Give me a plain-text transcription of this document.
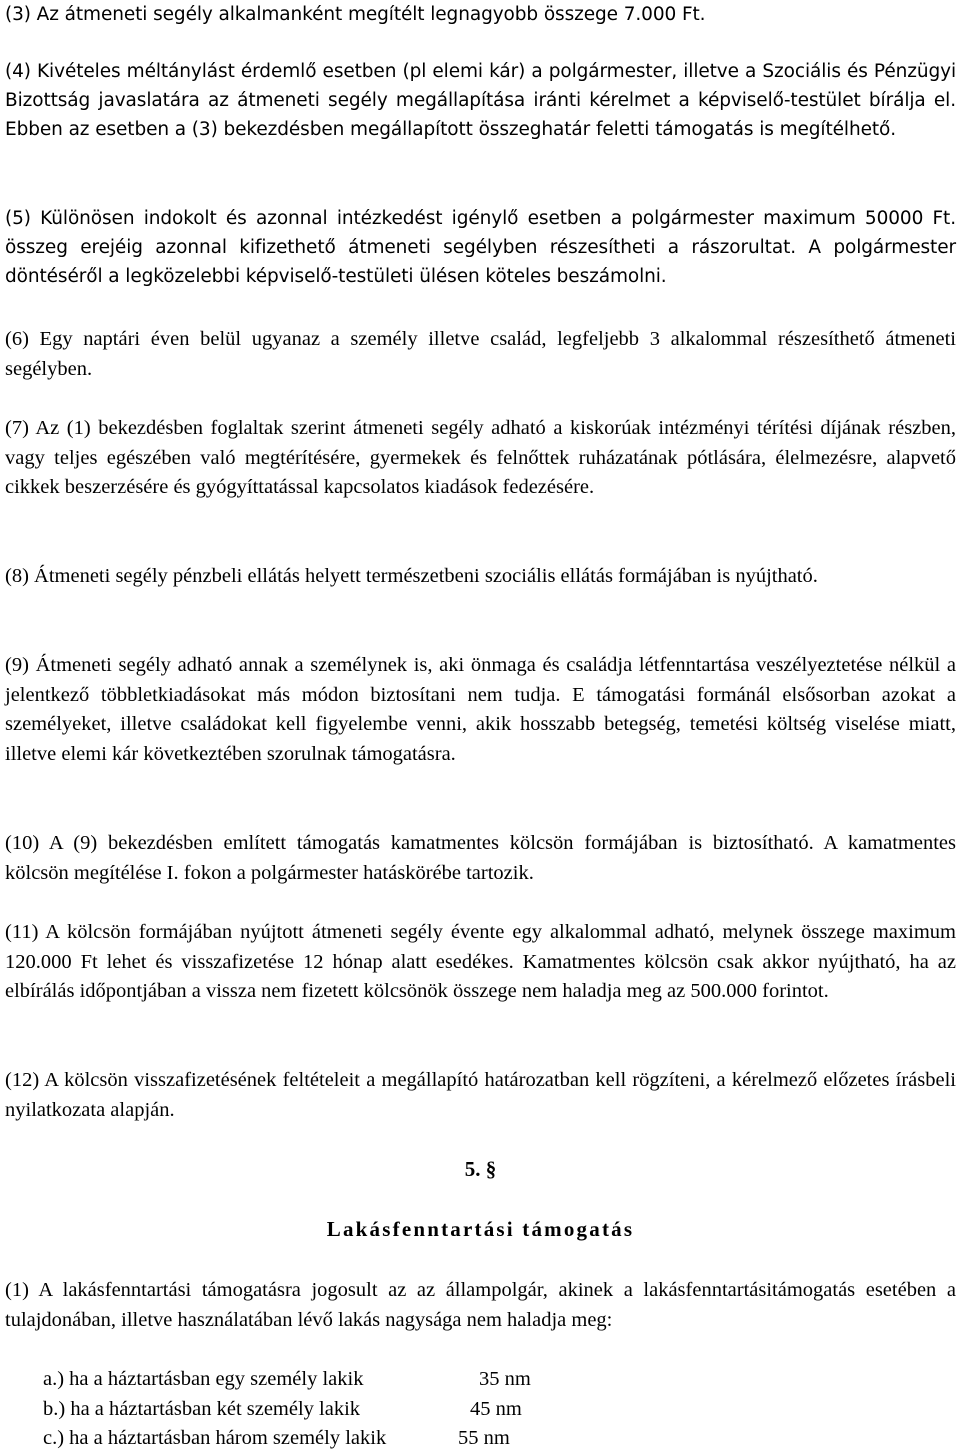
(3) Az átmeneti segély alkalmanként megítélt legnagyobb összege 7.000 Ft.

(4) Kivételes méltánylást érdemlő esetben (pl elemi kár) a polgármester, illetve a Szociális és Pénzügyi Bizottság javaslatára az átmeneti segély megállapítása iránti kérelmet a képviselő-testület bírálja el. Ebben az esetben a (3) bekezdésben megállapított összeghatár feletti támogatás is megítélhető.

(5) Különösen indokolt és azonnal intézkedést igénylő esetben a polgármester maximum 50000 Ft. összeg erejéig azonnal kifizethető átmeneti segélyben részesítheti a rászorultat. A polgármester döntéséről a legközelebbi képviselő-testületi ülésen köteles beszámolni.

(6) Egy naptári éven belül ugyanaz a személy illetve család, legfeljebb 3 alkalommal részesíthető átmeneti segélyben.

(7) Az (1) bekezdésben foglaltak szerint átmeneti segély adható a kiskorúak intézményi térítési díjának részben, vagy teljes egészében való megtérítésére, gyermekek és felnőttek ruházatának pótlására, élelmezésre, alapvető cikkek beszerzésére és gyógyíttatással kapcsolatos kiadások fedezésére.

(8) Átmeneti segély pénzbeli ellátás helyett természetbeni szociális ellátás formájában is nyújtható.

(9) Átmeneti segély adható annak a személynek is, aki önmaga és családja létfenntartása veszélyeztetése nélkül a jelentkező többletkiadásokat más módon biztosítani nem tudja. E támogatási formánál elsősorban azokat a személyeket, illetve családokat kell figyelembe venni, akik hosszabb betegség, temetési költség viselése miatt, illetve elemi kár következtében szorulnak támogatásra.

(10) A (9) bekezdésben említett támogatás kamatmentes kölcsön formájában is biztosítható. A kamatmentes kölcsön megítélése I. fokon a polgármester hatáskörébe tartozik.

(11) A kölcsön formájában nyújtott átmeneti segély évente egy alkalommal adható, melynek összege maximum 120.000 Ft lehet és visszafizetése 12 hónap alatt esedékes. Kamatmentes kölcsön csak akkor nyújtható, ha az elbírálás időpontjában a vissza nem fizetett kölcsönök összege nem haladja meg az 500.000 forintot.

(12) A kölcsön visszafizetésének feltételeit a megállapító határozatban kell rögzíteni, a kérelmező előzetes írásbeli nyilatkozata alapján.

5. §
Lakásfenntartási támogatás

(1) A lakásfenntartási támogatásra jogosult az az állampolgár, akinek a lakásfenntartásitámogatás esetében a tulajdonában, illetve használatában lévő lakás nagysága nem haladja meg:

a.) ha a háztartásban egy személy lakik	35 nm
b.) ha a háztartásban két személy lakik	45 nm
c.) ha a háztartásban három személy lakik	55 nm
